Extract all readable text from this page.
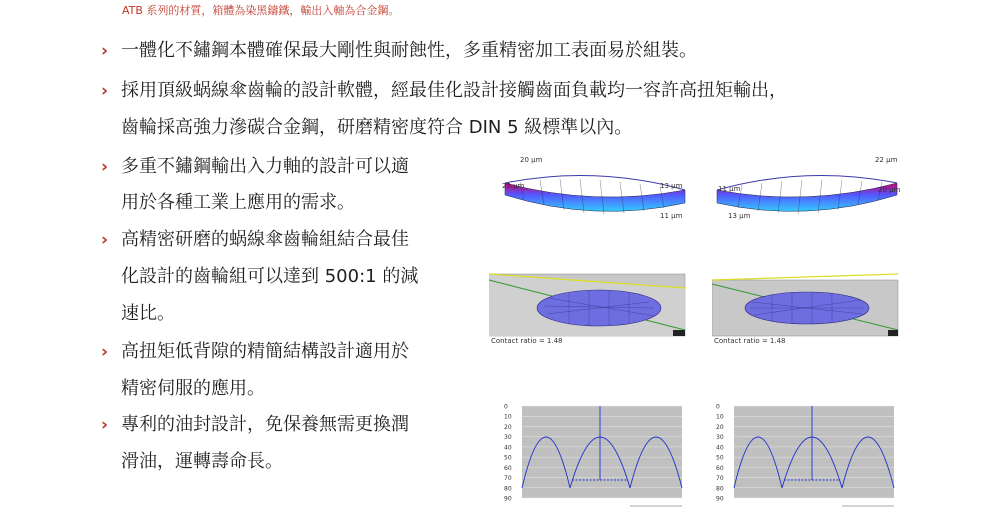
ATB 系列的材質，箱體為染黑鑄鐵，輸出入軸為合金鋼。
› 一體化不鏽鋼本體確保最大剛性與耐蝕性，多重精密加工表面易於組裝。
› 採用頂級蜗線傘齒輪的設計軟體，經最佳化設計接觸齒面負載均一容許高扭矩輸出，
齒輪採高強力滲碳合金鋼，研磨精密度符合 DIN 5 級標準以內。
› 多重不鏽鋼輸出入力軸的設計可以適
用於各種工業上應用的需求。
› 高精密研磨的蜗線傘齒輪組結合最佳
化設計的齒輪組可以達到 500:1 的減
速比。
› 高扭矩低背隙的精簡結構設計適用於
精密伺服的應用。
› 專利的油封設計，免保養無需更換潤
滑油，運轉壽命長。
20 µm
25 µm	13 µm
11 µm
22 µm
11 µm	20 µm
13 µm
Contact ratio = 1.48	Contact ratio = 1.48
0
10
20
30
40
50
60
70
80
90
0
10
20
30
40
50
60
70
80
90
